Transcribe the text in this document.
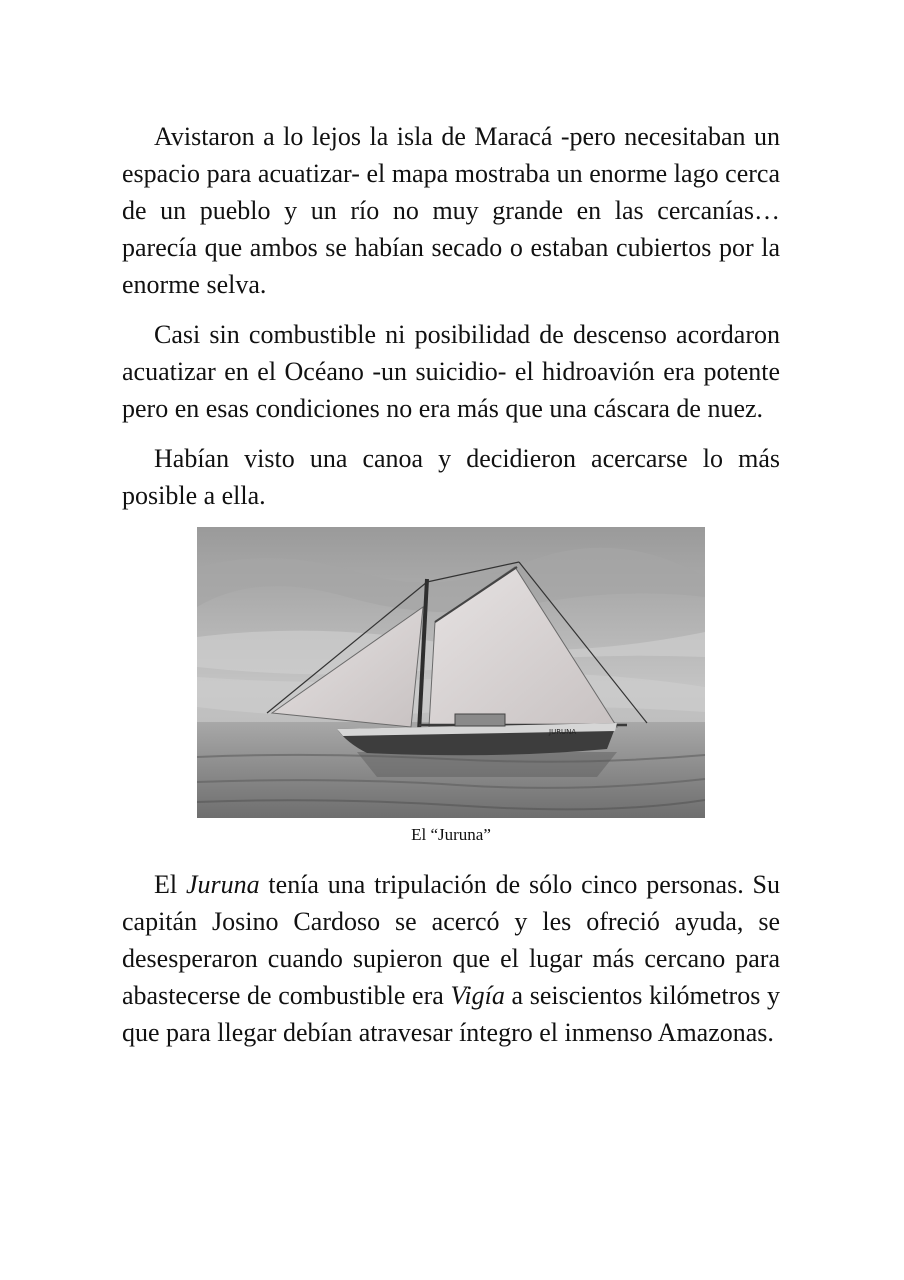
Avistaron a lo lejos la isla de Maracá -pero necesitaban un espacio para acuatizar- el mapa mostraba un enorme lago cerca de un pueblo y un río no muy grande en las cercanías… parecía que ambos se habían secado o estaban cubiertos por la enorme selva.

Casi sin combustible ni posibilidad de descenso acordaron acuatizar en el Océano -un suicidio- el hidroavión era potente pero en esas condiciones no era más que una cáscara de nuez.

Habían visto una canoa y decidieron acercarse lo más posible a ella.

JURUNA
El “Juruna”

El Juruna tenía una tripulación de sólo cinco personas. Su capitán Josino Cardoso se acercó y les ofreció ayuda, se desesperaron cuando supieron que el lugar más cercano para abastecerse de combustible era Vigía a seiscientos kilómetros y que para llegar debían atravesar íntegro el inmenso Amazonas.
